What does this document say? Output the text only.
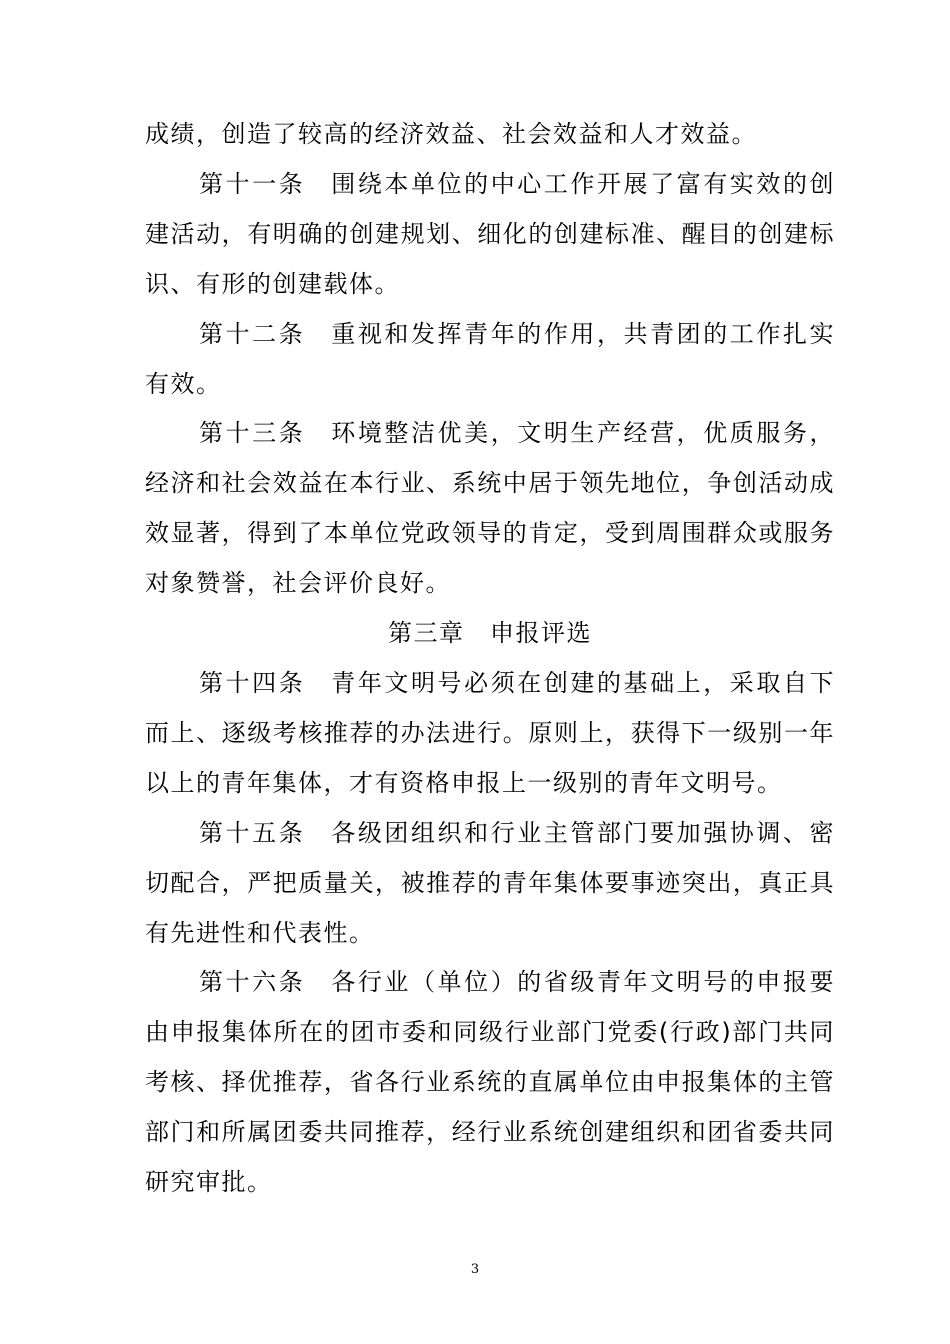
成绩，创造了较高的经济效益、社会效益和人才效益。

第十一条 围绕本单位的中心工作开展了富有实效的创建活动，有明确的创建规划、细化的创建标准、醒目的创建标识、有形的创建载体。

第十二条 重视和发挥青年的作用，共青团的工作扎实有效。

第十三条 环境整洁优美，文明生产经营，优质服务，经济和社会效益在本行业、系统中居于领先地位，争创活动成效显著，得到了本单位党政领导的肯定，受到周围群众或服务对象赞誉，社会评价良好。

第三章　申报评选

第十四条 青年文明号必须在创建的基础上，采取自下而上、逐级考核推荐的办法进行。原则上，获得下一级别一年以上的青年集体，才有资格申报上一级别的青年文明号。

第十五条 各级团组织和行业主管部门要加强协调、密切配合，严把质量关，被推荐的青年集体要事迹突出，真正具有先进性和代表性。

第十六条 各行业（单位）的省级青年文明号的申报要由申报集体所在的团市委和同级行业部门党委(行政)部门共同考核、择优推荐，省各行业系统的直属单位由申报集体的主管部门和所属团委共同推荐，经行业系统创建组织和团省委共同研究审批。

3
